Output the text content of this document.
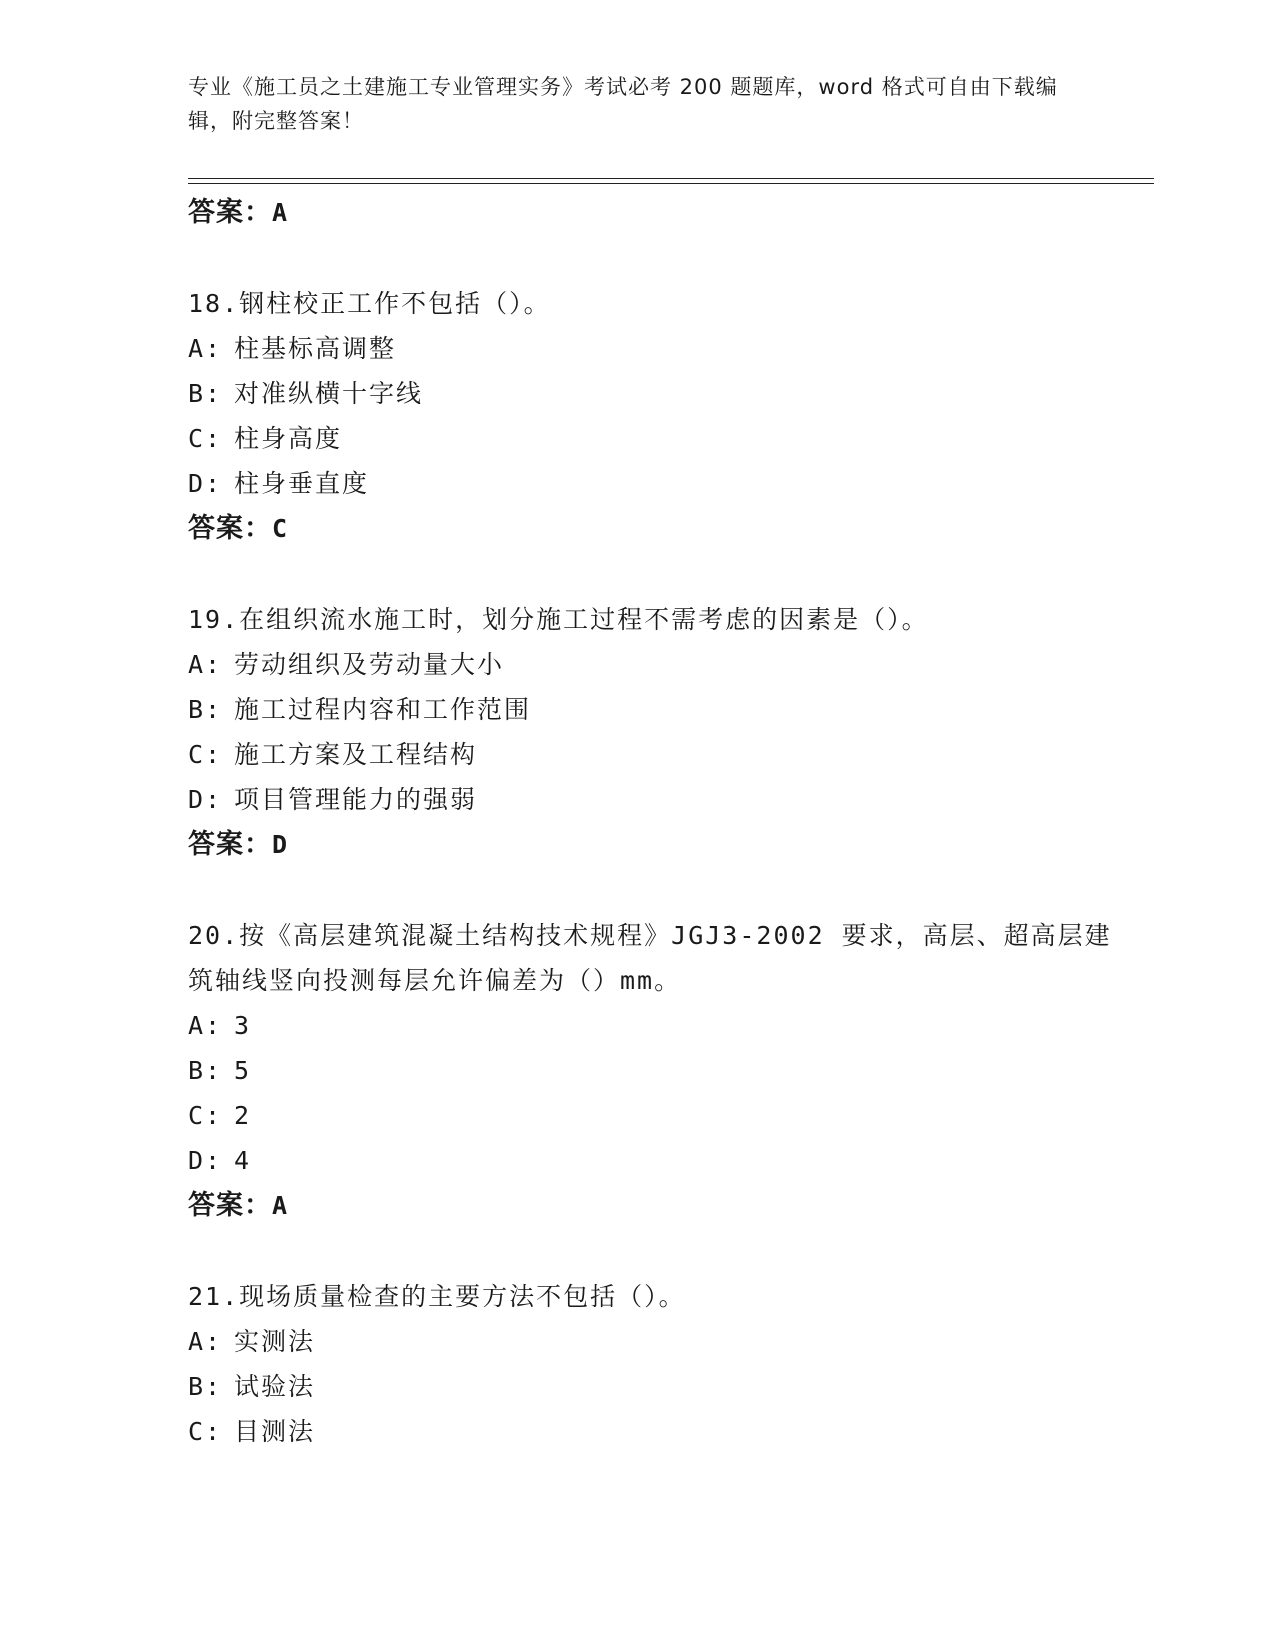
专业《施工员之土建施工专业管理实务》考试必考 200 题题库，word 格式可自由下载编辑，附完整答案！
答案：A
18.钢柱校正工作不包括（）。
A: 柱基标高调整
B: 对准纵横十字线
C: 柱身高度
D: 柱身垂直度
答案：C
19.在组织流水施工时，划分施工过程不需考虑的因素是（）。
A: 劳动组织及劳动量大小
B: 施工过程内容和工作范围
C: 施工方案及工程结构
D: 项目管理能力的强弱
答案：D
20.按《高层建筑混凝土结构技术规程》JGJ3-2002 要求，高层、超高层建筑轴线竖向投测每层允许偏差为（）mm。
A: 3
B: 5
C: 2
D: 4
答案：A
21.现场质量检查的主要方法不包括（）。
A: 实测法
B: 试验法
C: 目测法
